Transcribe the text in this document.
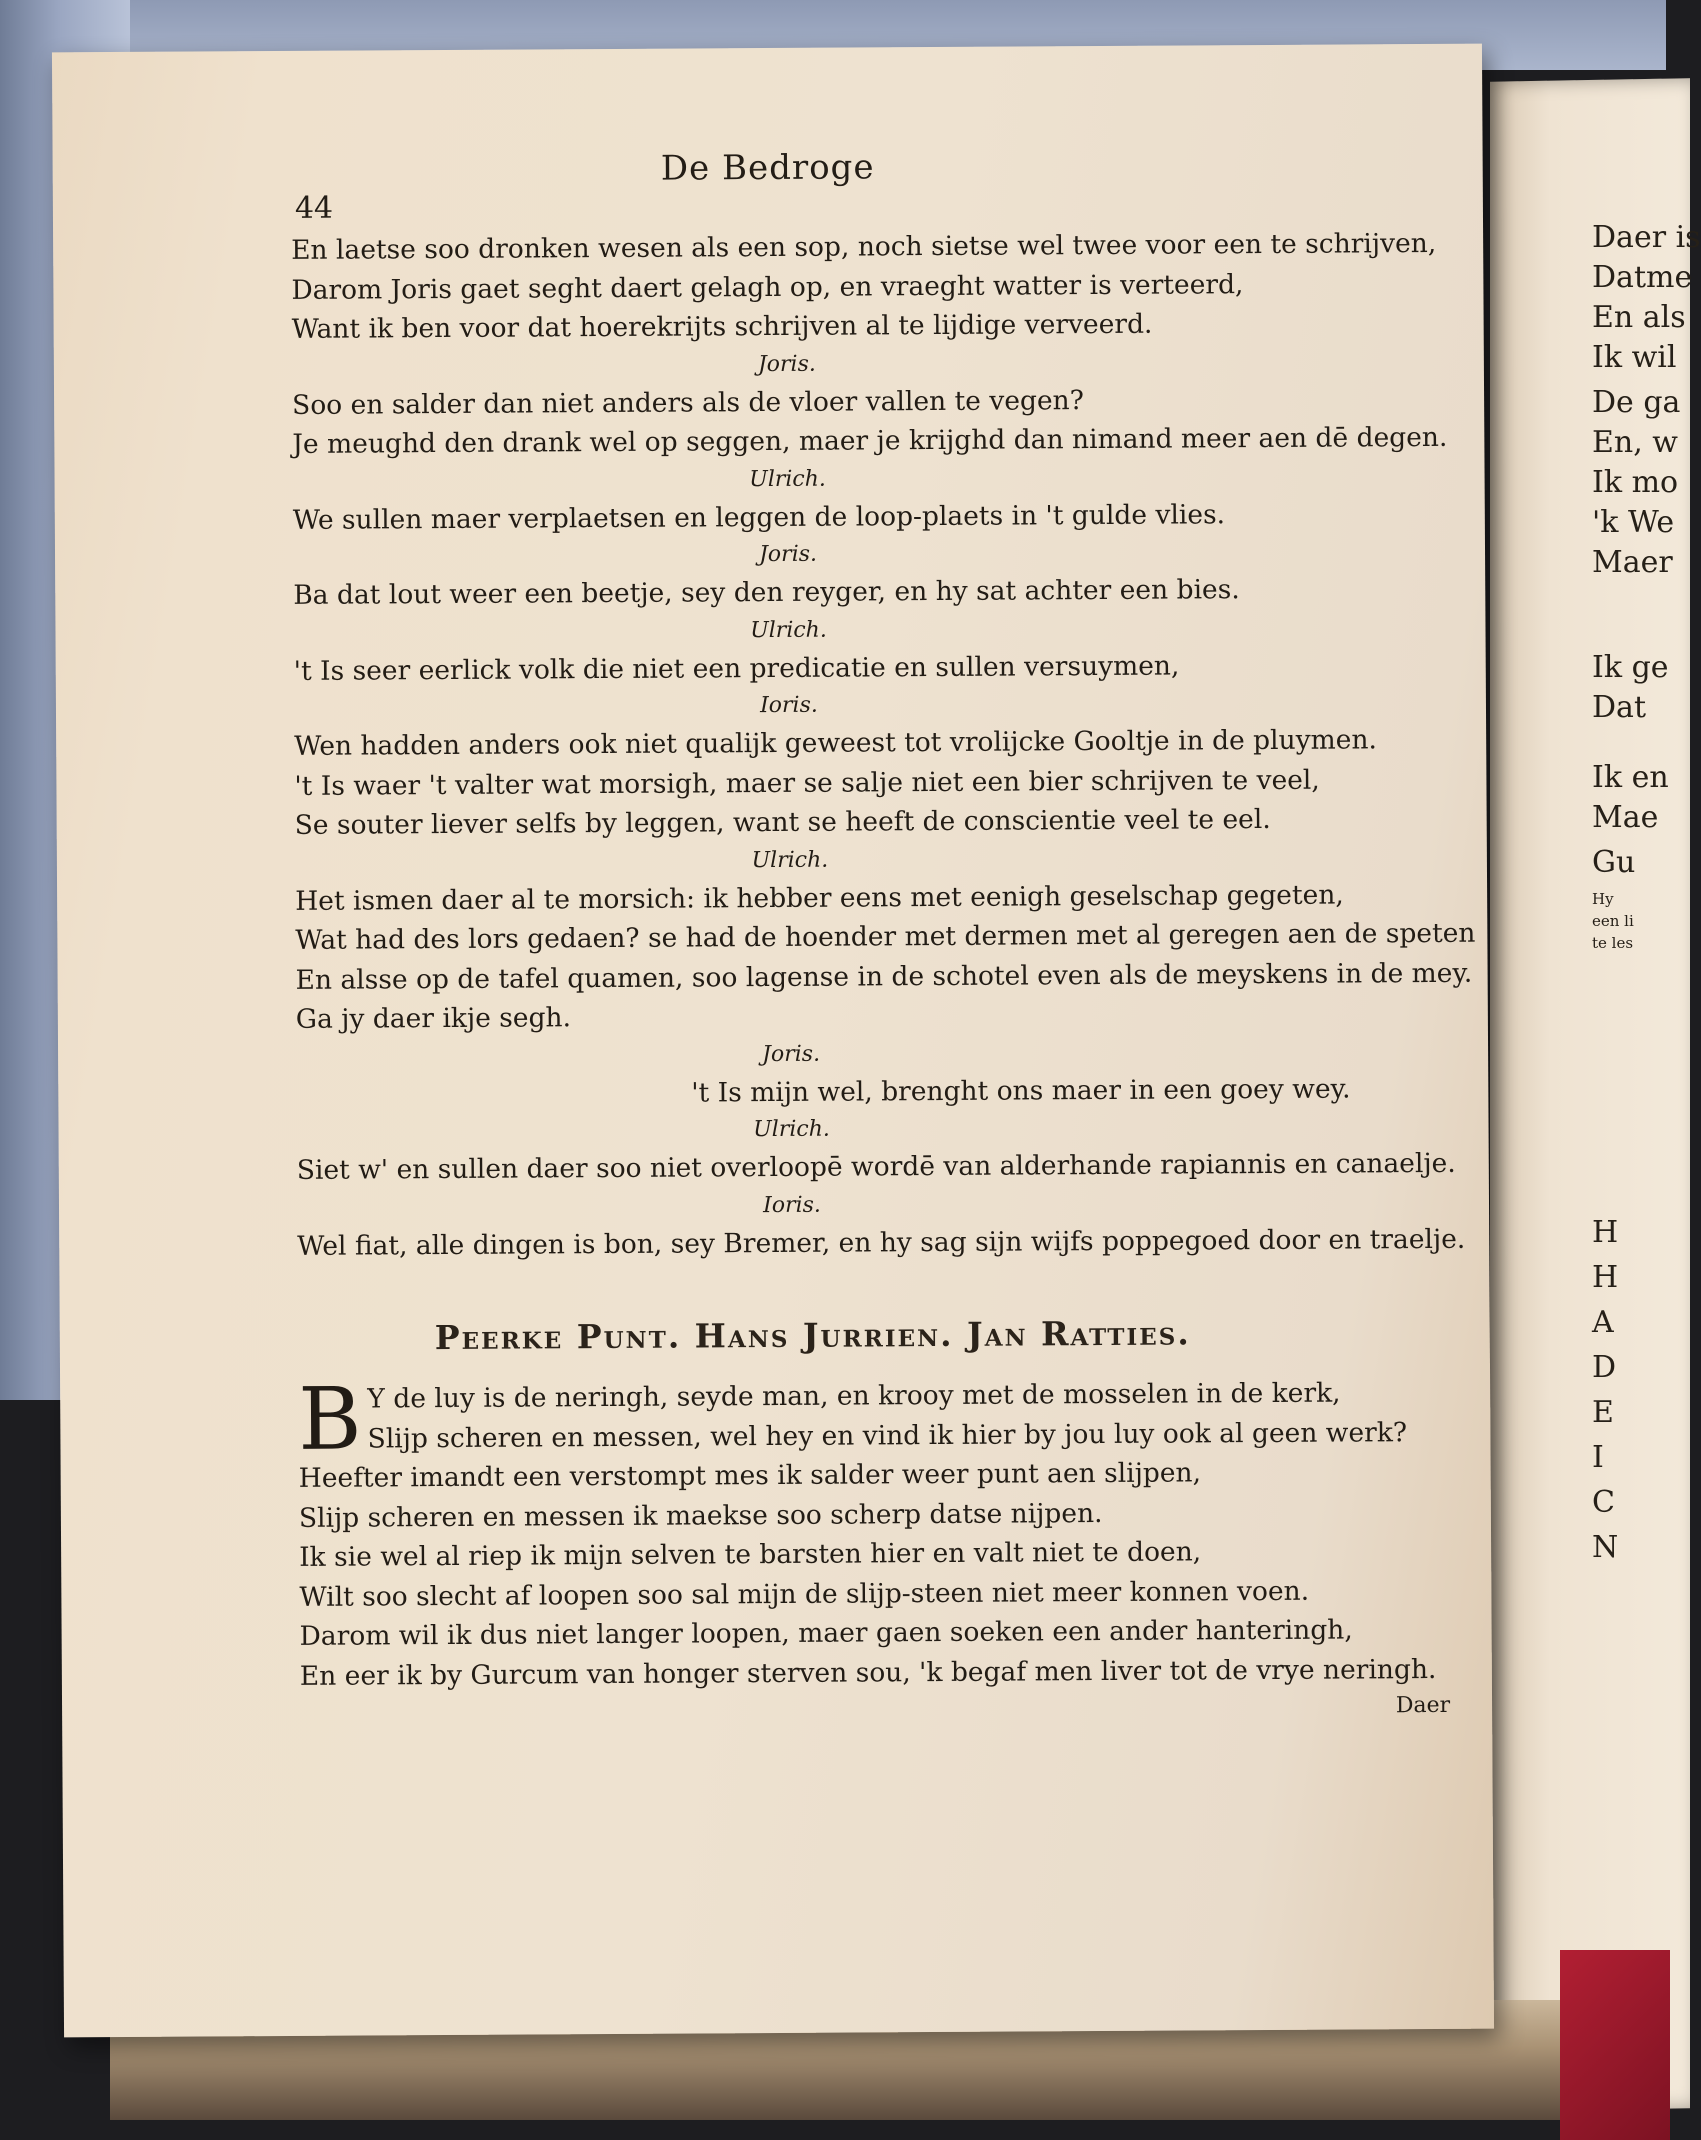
Daer is
Datme
En als
Ik wil
De ga
En, w
Ik mo
'k We
Maer
Ik ge
Dat
Ik en
Mae
Gu
Hy
een li
te les
H
H
A
D
E
I
C
N
De Bedroge
44
En laetse soo dronken wesen als een sop, noch sietse wel twee voor een te schrijven,
Darom Joris gaet seght daert gelagh op, en vraeght watter is verteerd,
Want ik ben voor dat hoerekrijts schrijven al te lijdige verveerd.
Joris.
Soo en salder dan niet anders als de vloer vallen te vegen?
Je meughd den drank wel op seggen, maer je krijghd dan nimand meer aen dē degen.
Ulrich.
We sullen maer verplaetsen en leggen de loop-plaets in 't gulde vlies.
Joris.
Ba dat lout weer een beetje, sey den reyger, en hy sat achter een bies.
Ulrich.
't Is seer eerlick volk die niet een predicatie en sullen versuymen,
Ioris.
Wen hadden anders ook niet qualijk geweest tot vrolijcke Gooltje in de pluymen.
't Is waer 't valter wat morsigh, maer se salje niet een bier schrijven te veel,
Se souter liever selfs by leggen, want se heeft de conscientie veel te eel.
Ulrich.
Het ismen daer al te morsich: ik hebber eens met eenigh geselschap gegeten,
Wat had des lors gedaen? se had de hoender met dermen met al geregen aen de speten
En alsse op de tafel quamen, soo lagense in de schotel even als de meyskens in de mey.
Ga jy daer ikje segh.
Joris.
't Is mijn wel, brenght ons maer in een goey wey.
Ulrich.
Siet w' en sullen daer soo niet overloopē wordē van alderhande rapiannis en canaelje.
Ioris.
Wel fiat, alle dingen is bon, sey Bremer, en hy sag sijn wijfs poppegoed door en traelje.
Peerke Punt. Hans Jurrien. Jan Ratties.
B Y de luy is de neringh, seyde man, en krooy met de mosselen in de kerk,
Slijp scheren en messen, wel hey en vind ik hier by jou luy ook al geen werk?
Heefter imandt een verstompt mes ik salder weer punt aen slijpen,
Slijp scheren en messen ik maekse soo scherp datse nijpen.
Ik sie wel al riep ik mijn selven te barsten hier en valt niet te doen,
Wilt soo slecht af loopen soo sal mijn de slijp-steen niet meer konnen voen.
Darom wil ik dus niet langer loopen, maer gaen soeken een ander hanteringh,
En eer ik by Gurcum van honger sterven sou, 'k begaf men liver tot de vrye neringh.
Daer
